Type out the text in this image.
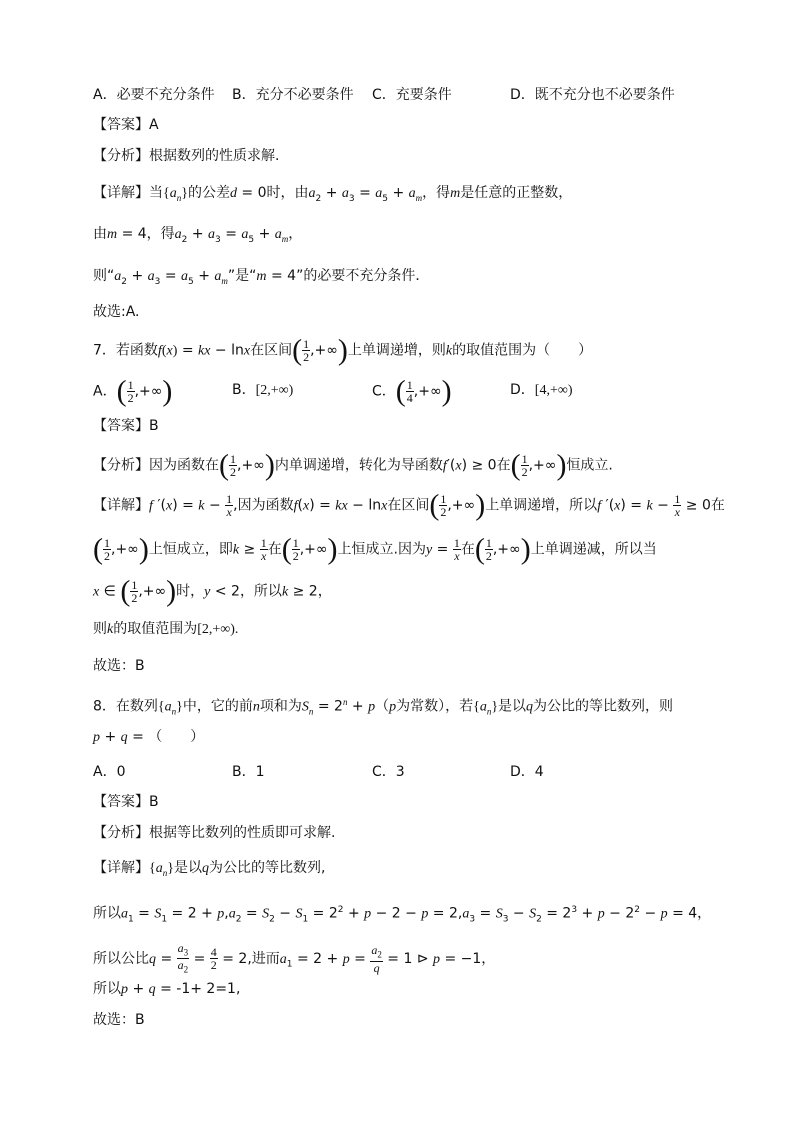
A．必要不充分条件 B．充分不必要条件 C．充要条件	D．既不充分也不必要条件
【答案】A
【分析】根据数列的性质求解.
【详解】当$\{a_n\}$的公差d = 0时，由$a_2 + a_3 = a_5 + a_m$，得m是任意的正整数，
由m = 4，得$a_2 + a_3 = a_5 + a_m$，
则“$a_2 + a_3 = a_5 + a_m$”是“m = 4”的必要不充分条件．
故选:A.
7．若函数f(x) = kx − lnx在区间( $\frac{1}{2}$ ,+∞)上单调递增，则k的取值范围为（　　）
A．( $\frac{1}{2}$ ,+∞)	B．[2,+∞)	C．( $\frac{1}{4}$ ,+∞)	D．[4,+∞)
【答案】B
【分析】因为函数在( $\frac{1}{2}$ ,+∞)内单调递增，转化为导函数f′(x) ≥ 0在( $\frac{1}{2}$ ,+∞)恒成立.
【详解】f $'(x) = k - \frac{1}{x}$ ,因为函数f(x) = kx − lnx在区间( $\frac{1}{2}$ ,+∞)上单调递增，所以f $'(x) = k - \frac{1}{x} \ge 0$在
( $\frac{1}{2}$ ,+∞)上恒成立，即$k \ge \frac{1}{x}$ 在( $\frac{1}{2}$ ,+∞)上恒成立.因为$y = \frac{1}{x}$ 在( $\frac{1}{2}$ ,+∞)上单调递减，所以当
x ∈ ( $\frac{1}{2}$ ,+∞)时，y < 2，所以k ≥ 2，
则k的取值范围为[2,+∞).
故选：B
8．在数列$\{a_n\}$中，它的前n项和为$S_n = 2^n + p(p$为常数），若$\{a_n\}$是以q为公比的等比数列，则
p + q = （　　）
A．0	B．1	C．3	D．4
【答案】B
【分析】根据等比数列的性质即可求解.
【详解】$\{a_n\}$是以q为公比的等比数列,
所以$a_1 = S_1 = 2 + p,a_2 = S_2 - S_1 = 2^2 + p - 2 - p = 2,a_3 = S_3 - S_2 = 2^3 + p - 2^2 - p = 4$，
所以公比$q = \frac{a_3}{a_2} = \frac{4}{2} = 2$,进而$a_1 = 2 + p = \frac{a_2}{q} = 1$ ⊳ p = −1，
所以p + q = -1+ 2=1,
故选：B
